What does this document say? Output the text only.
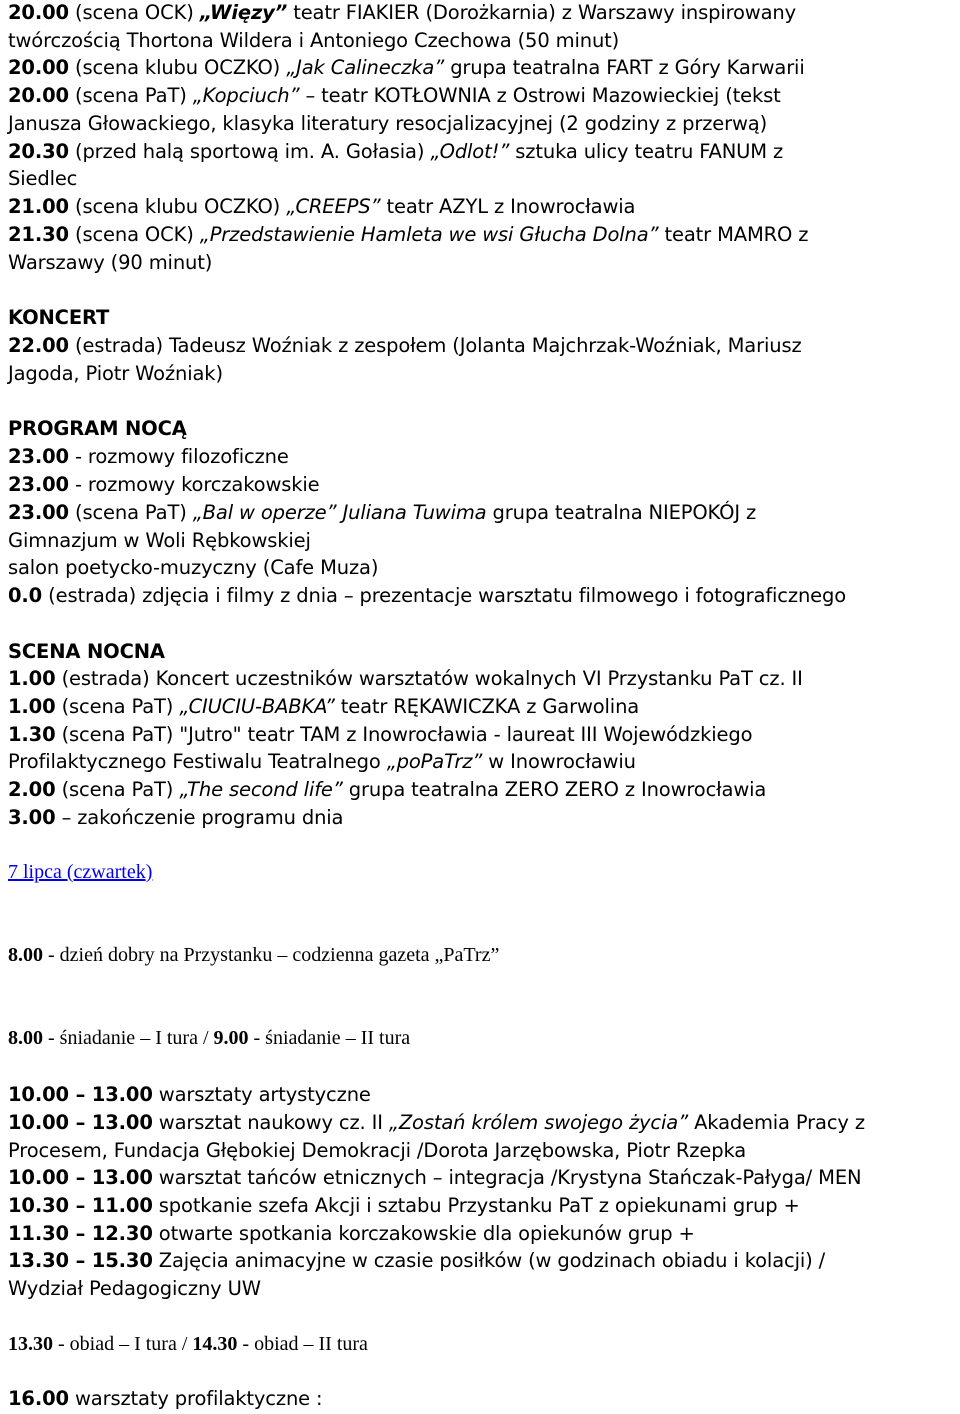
20.00 (scena OCK) „Więzy” teatr FIAKIER (Dorożkarnia) z Warszawy inspirowany
twórczością Thortona Wildera i Antoniego Czechowa (50 minut)
20.00 (scena klubu OCZKO) „Jak Calineczka” grupa teatralna FART z Góry Karwarii
20.00 (scena PaT) „Kopciuch” – teatr KOTŁOWNIA z Ostrowi Mazowieckiej (tekst
Janusza Głowackiego, klasyka literatury resocjalizacyjnej (2 godziny z przerwą)
20.30 (przed halą sportową im. A. Gołasia) „Odlot!” sztuka ulicy teatru FANUM z
Siedlec
21.00 (scena klubu OCZKO) „CREEPS” teatr AZYL z Inowrocławia
21.30 (scena OCK) „Przedstawienie Hamleta we wsi Głucha Dolna” teatr MAMRO z
Warszawy (90 minut)
KONCERT
22.00 (estrada) Tadeusz Woźniak z zespołem (Jolanta Majchrzak-Woźniak, Mariusz
Jagoda, Piotr Woźniak)
PROGRAM NOCĄ
23.00 - rozmowy filozoficzne
23.00 - rozmowy korczakowskie
23.00 (scena PaT) „Bal w operze” Juliana Tuwima grupa teatralna NIEPOKÓJ z
Gimnazjum w Woli Rębkowskiej
salon poetycko-muzyczny (Cafe Muza)
0.0 (estrada) zdjęcia i filmy z dnia – prezentacje warsztatu filmowego i fotograficznego
SCENA NOCNA
1.00 (estrada) Koncert uczestników warsztatów wokalnych VI Przystanku PaT cz. II
1.00 (scena PaT) „CIUCIU-BABKA” teatr RĘKAWICZKA z Garwolina
1.30 (scena PaT) "Jutro" teatr TAM z Inowrocławia - laureat III Wojewódzkiego
Profilaktycznego Festiwalu Teatralnego „poPaTrz” w Inowrocławiu
2.00 (scena PaT) „The second life” grupa teatralna ZERO ZERO z Inowrocławia
3.00 – zakończenie programu dnia
7 lipca (czwartek)
8.00 - dzień dobry na Przystanku – codzienna gazeta „PaTrz”
8.00 - śniadanie – I tura / 9.00 - śniadanie – II tura
10.00 – 13.00 warsztaty artystyczne
10.00 – 13.00 warsztat naukowy cz. II „Zostań królem swojego życia” Akademia Pracy z
Procesem, Fundacja Głębokiej Demokracji /Dorota Jarzębowska, Piotr Rzepka
10.00 – 13.00 warsztat tańców etnicznych – integracja /Krystyna Stańczak-Pałyga/ MEN
10.30 – 11.00 spotkanie szefa Akcji i sztabu Przystanku PaT z opiekunami grup +
11.30 – 12.30 otwarte spotkania korczakowskie dla opiekunów grup +
13.30 – 15.30 Zajęcia animacyjne w czasie posiłków (w godzinach obiadu i kolacji) /
Wydział Pedagogiczny UW
13.30 - obiad – I tura / 14.30 - obiad – II tura
16.00 warsztaty profilaktyczne :
